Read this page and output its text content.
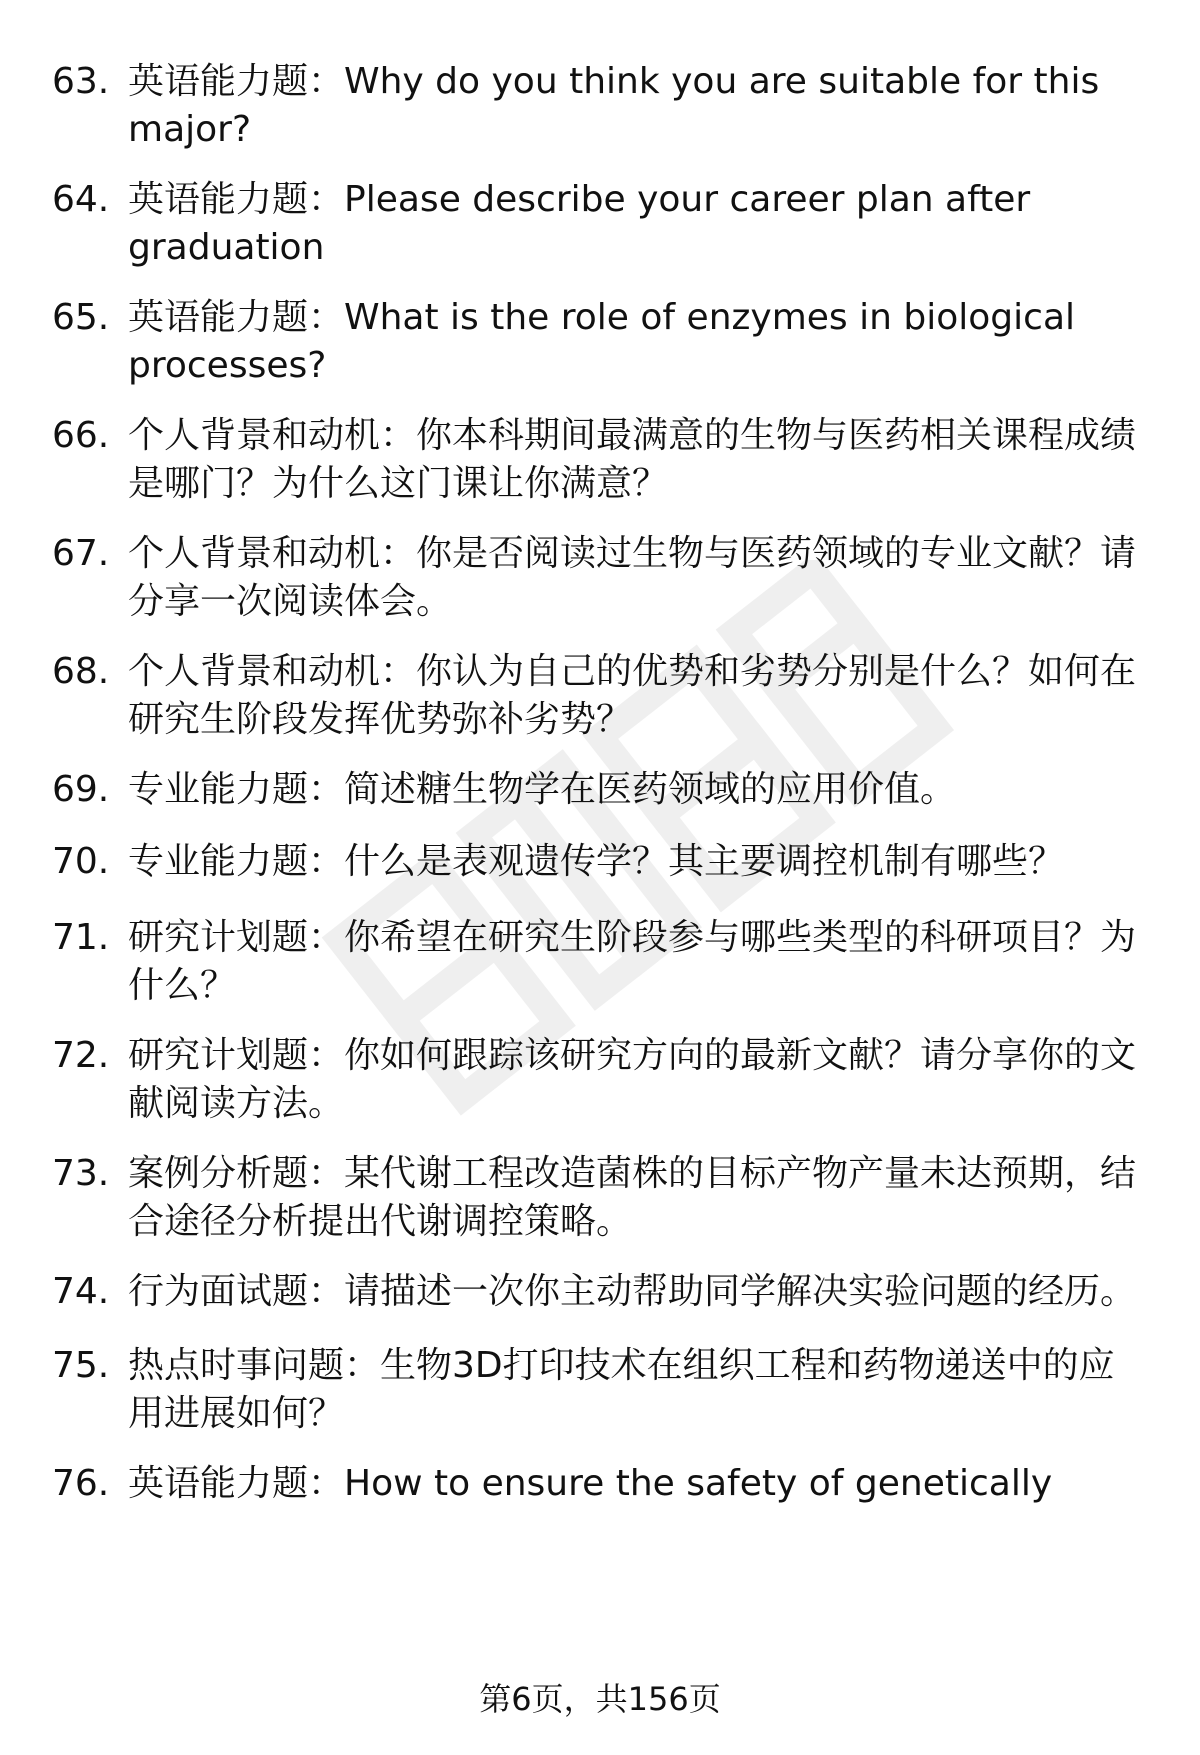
63. 英语能力题：Why do you think you are suitable for this major?
64. 英语能力题：Please describe your career plan after graduation
65. 英语能力题：What is the role of enzymes in biological processes?
66. 个人背景和动机：你本科期间最满意的生物与医药相关课程成绩是哪门？为什么这门课让你满意？
67. 个人背景和动机：你是否阅读过生物与医药领域的专业文献？请分享一次阅读体会。
68. 个人背景和动机：你认为自己的优势和劣势分别是什么？如何在研究生阶段发挥优势弥补劣势？
69. 专业能力题：简述糖生物学在医药领域的应用价值。
70. 专业能力题：什么是表观遗传学？其主要调控机制有哪些？
71. 研究计划题：你希望在研究生阶段参与哪些类型的科研项目？为什么？
72. 研究计划题：你如何跟踪该研究方向的最新文献？请分享你的文献阅读方法。
73. 案例分析题：某代谢工程改造菌株的目标产物产量未达预期，结合途径分析提出代谢调控策略。
74. 行为面试题：请描述一次你主动帮助同学解决实验问题的经历。
75. 热点时事问题：生物3D打印技术在组织工程和药物递送中的应用进展如何？
76. 英语能力题：How to ensure the safety of genetically
第6页，共156页
